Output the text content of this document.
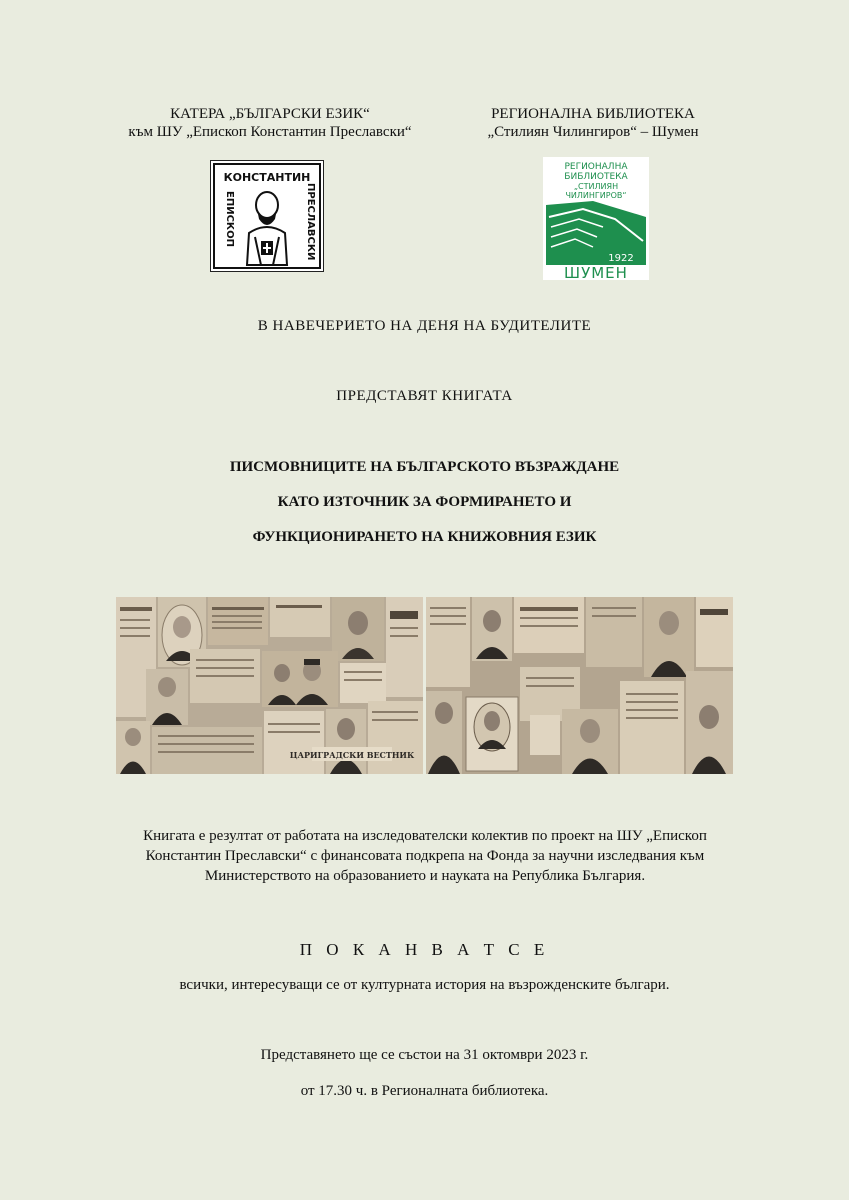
КАТЕРА „БЪЛГАРСКИ ЕЗИК“
към ШУ „Епископ Константин Преславски“
РЕГИОНАЛНА БИБЛИОТЕКА
„Стилиян Чилингиров“ – Шумен
КОНСТАНТИН
ЕПИСКОП	ПРЕСЛАВСКИ
РЕГИОНАЛНА
БИБЛИОТЕКА
„СТИЛИЯН
ЧИЛИНГИРОВ“
1922
ШУМЕН
В НАВЕЧЕРИЕТО НА ДЕНЯ НА БУДИТЕЛИТЕ
ПРЕДСТАВЯТ КНИГАТА
ПИСМОВНИЦИТЕ НА БЪЛГАРСКОТО ВЪЗРАЖДАНЕ
КАТО ИЗТОЧНИК ЗА ФОРМИРАНЕТО И
ФУНКЦИОНИРАНЕТО НА КНИЖОВНИЯ ЕЗИК
ЦАРИГРАДСКИ ВЕСТНИК
Книгата е резултат от работата на изследователски колектив по проект на ШУ „Епископ Константин Преславски“ с финансовата подкрепа на Фонда за научни изследвания към Министерството на образованието и науката на Република България.
П О К А Н В А Т С Е
всички, интересуващи се от културната история на възрожденските българи.
Представянето ще се състои на 31 октомври 2023 г.
от 17.30 ч. в Регионалната библиотека.
